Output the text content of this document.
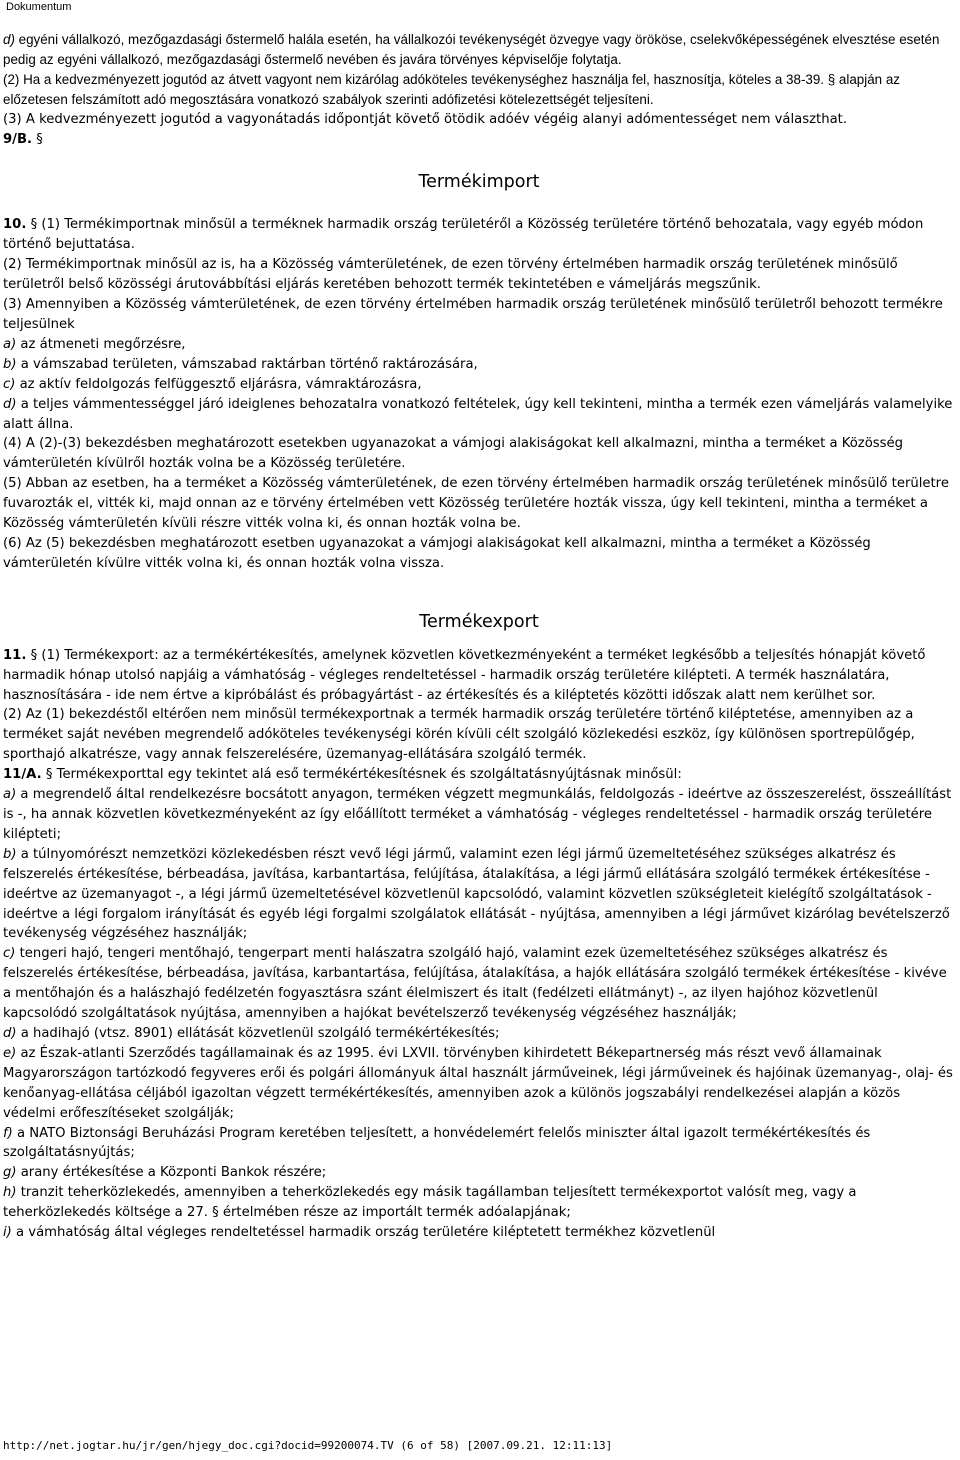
Dokumentum

d) egyéni vállalkozó, mezőgazdasági őstermelő halála esetén, ha vállalkozói tevékenységét özvegye vagy örököse, cselekvőképességének elvesztése esetén pedig az egyéni vállalkozó, mezőgazdasági őstermelő nevében és javára törvényes képviselője folytatja.

(2) Ha a kedvezményezett jogutód az átvett vagyont nem kizárólag adóköteles tevékenységhez használja fel, hasznosítja, köteles a 38-39. § alapján az előzetesen felszámított adó megosztására vonatkozó szabályok szerinti adófizetési kötelezettségét teljesíteni.

(3) A kedvezményezett jogutód a vagyonátadás időpontját követő ötödik adóév végéig alanyi adómentességet nem választhat.

9/B. §

Termékimport

10. § (1) Termékimportnak minősül a terméknek harmadik ország területéről a Közösség területére történő behozatala, vagy egyéb módon történő bejuttatása.

(2) Termékimportnak minősül az is, ha a Közösség vámterületének, de ezen törvény értelmében harmadik ország területének minősülő területről belső közösségi árutovábbítási eljárás keretében behozott termék tekintetében e vámeljárás megszűnik.

(3) Amennyiben a Közösség vámterületének, de ezen törvény értelmében harmadik ország területének minősülő területről behozott termékre teljesülnek

a) az átmeneti megőrzésre,

b) a vámszabad területen, vámszabad raktárban történő raktározására,

c) az aktív feldolgozás felfüggesztő eljárásra, vámraktározásra,

d) a teljes vámmentességgel járó ideiglenes behozatalra vonatkozó feltételek, úgy kell tekinteni, mintha a termék ezen vámeljárás valamelyike alatt állna.

(4) A (2)-(3) bekezdésben meghatározott esetekben ugyanazokat a vámjogi alakiságokat kell alkalmazni, mintha a terméket a Közösség vámterületén kívülről hozták volna be a Közösség területére.

(5) Abban az esetben, ha a terméket a Közösség vámterületének, de ezen törvény értelmében harmadik ország területének minősülő területre fuvarozták el, vitték ki, majd onnan az e törvény értelmében vett Közösség területére hozták vissza, úgy kell tekinteni, mintha a terméket a Közösség vámterületén kívüli részre vitték volna ki, és onnan hozták volna be.

(6) Az (5) bekezdésben meghatározott esetben ugyanazokat a vámjogi alakiságokat kell alkalmazni, mintha a terméket a Közösség vámterületén kívülre vitték volna ki, és onnan hozták volna vissza.

Termékexport

11. § (1) Termékexport: az a termékértékesítés, amelynek közvetlen következményeként a terméket legkésőbb a teljesítés hónapját követő harmadik hónap utolsó napjáig a vámhatóság - végleges rendeltetéssel - harmadik ország területére kilépteti. A termék használatára, hasznosítására - ide nem értve a kipróbálást és próbagyártást - az értékesítés és a kiléptetés közötti időszak alatt nem kerülhet sor.

(2) Az (1) bekezdéstől eltérően nem minősül termékexportnak a termék harmadik ország területére történő kiléptetése, amennyiben az a terméket saját nevében megrendelő adóköteles tevékenységi körén kívüli célt szolgáló közlekedési eszköz, így különösen sportrepülőgép, sporthajó alkatrésze, vagy annak felszerelésére, üzemanyag-ellátására szolgáló termék.

11/A. § Termékexporttal egy tekintet alá eső termékértékesítésnek és szolgáltatásnyújtásnak minősül:

a) a megrendelő által rendelkezésre bocsátott anyagon, terméken végzett megmunkálás, feldolgozás - ideértve az összeszerelést, összeállítást is -, ha annak közvetlen következményeként az így előállított terméket a vámhatóság - végleges rendeltetéssel - harmadik ország területére kilépteti;

b) a túlnyomórészt nemzetközi közlekedésben részt vevő légi jármű, valamint ezen légi jármű üzemeltetéséhez szükséges alkatrész és felszerelés értékesítése, bérbeadása, javítása, karbantartása, felújítása, átalakítása, a légi jármű ellátására szolgáló termékek értékesítése - ideértve az üzemanyagot -, a légi jármű üzemeltetésével közvetlenül kapcsolódó, valamint közvetlen szükségleteit kielégítő szolgáltatások - ideértve a légi forgalom irányítását és egyéb légi forgalmi szolgálatok ellátását - nyújtása, amennyiben a légi járművet kizárólag bevételszerző tevékenység végzéséhez használják;

c) tengeri hajó, tengeri mentőhajó, tengerpart menti halászatra szolgáló hajó, valamint ezek üzemeltetéséhez szükséges alkatrész és felszerelés értékesítése, bérbeadása, javítása, karbantartása, felújítása, átalakítása, a hajók ellátására szolgáló termékek értékesítése - kivéve a mentőhajón és a halászhajó fedélzetén fogyasztásra szánt élelmiszert és italt (fedélzeti ellátmányt) -, az ilyen hajóhoz közvetlenül kapcsolódó szolgáltatások nyújtása, amennyiben a hajókat bevételszerző tevékenység végzéséhez használják;

d) a hadihajó (vtsz. 8901) ellátását közvetlenül szolgáló termékértékesítés;

e) az Észak-atlanti Szerződés tagállamainak és az 1995. évi LXVII. törvényben kihirdetett Békepartnerség más részt vevő államainak Magyarországon tartózkodó fegyveres erői és polgári állományuk által használt járműveinek, légi járműveinek és hajóinak üzemanyag-, olaj- és kenőanyag-ellátása céljából igazoltan végzett termékértékesítés, amennyiben azok a különös jogszabályi rendelkezései alapján a közös védelmi erőfeszítéseket szolgálják;

f) a NATO Biztonsági Beruházási Program keretében teljesített, a honvédelemért felelős miniszter által igazolt termékértékesítés és szolgáltatásnyújtás;

g) arany értékesítése a Központi Bankok részére;

h) tranzit teherközlekedés, amennyiben a teherközlekedés egy másik tagállamban teljesített termékexportot valósít meg, vagy a teherközlekedés költsége a 27. § értelmében része az importált termék adóalapjának;

i) a vámhatóság által végleges rendeltetéssel harmadik ország területére kiléptetett termékhez közvetlenül

http://net.jogtar.hu/jr/gen/hjegy_doc.cgi?docid=99200074.TV (6 of 58) [2007.09.21. 12:11:13]
